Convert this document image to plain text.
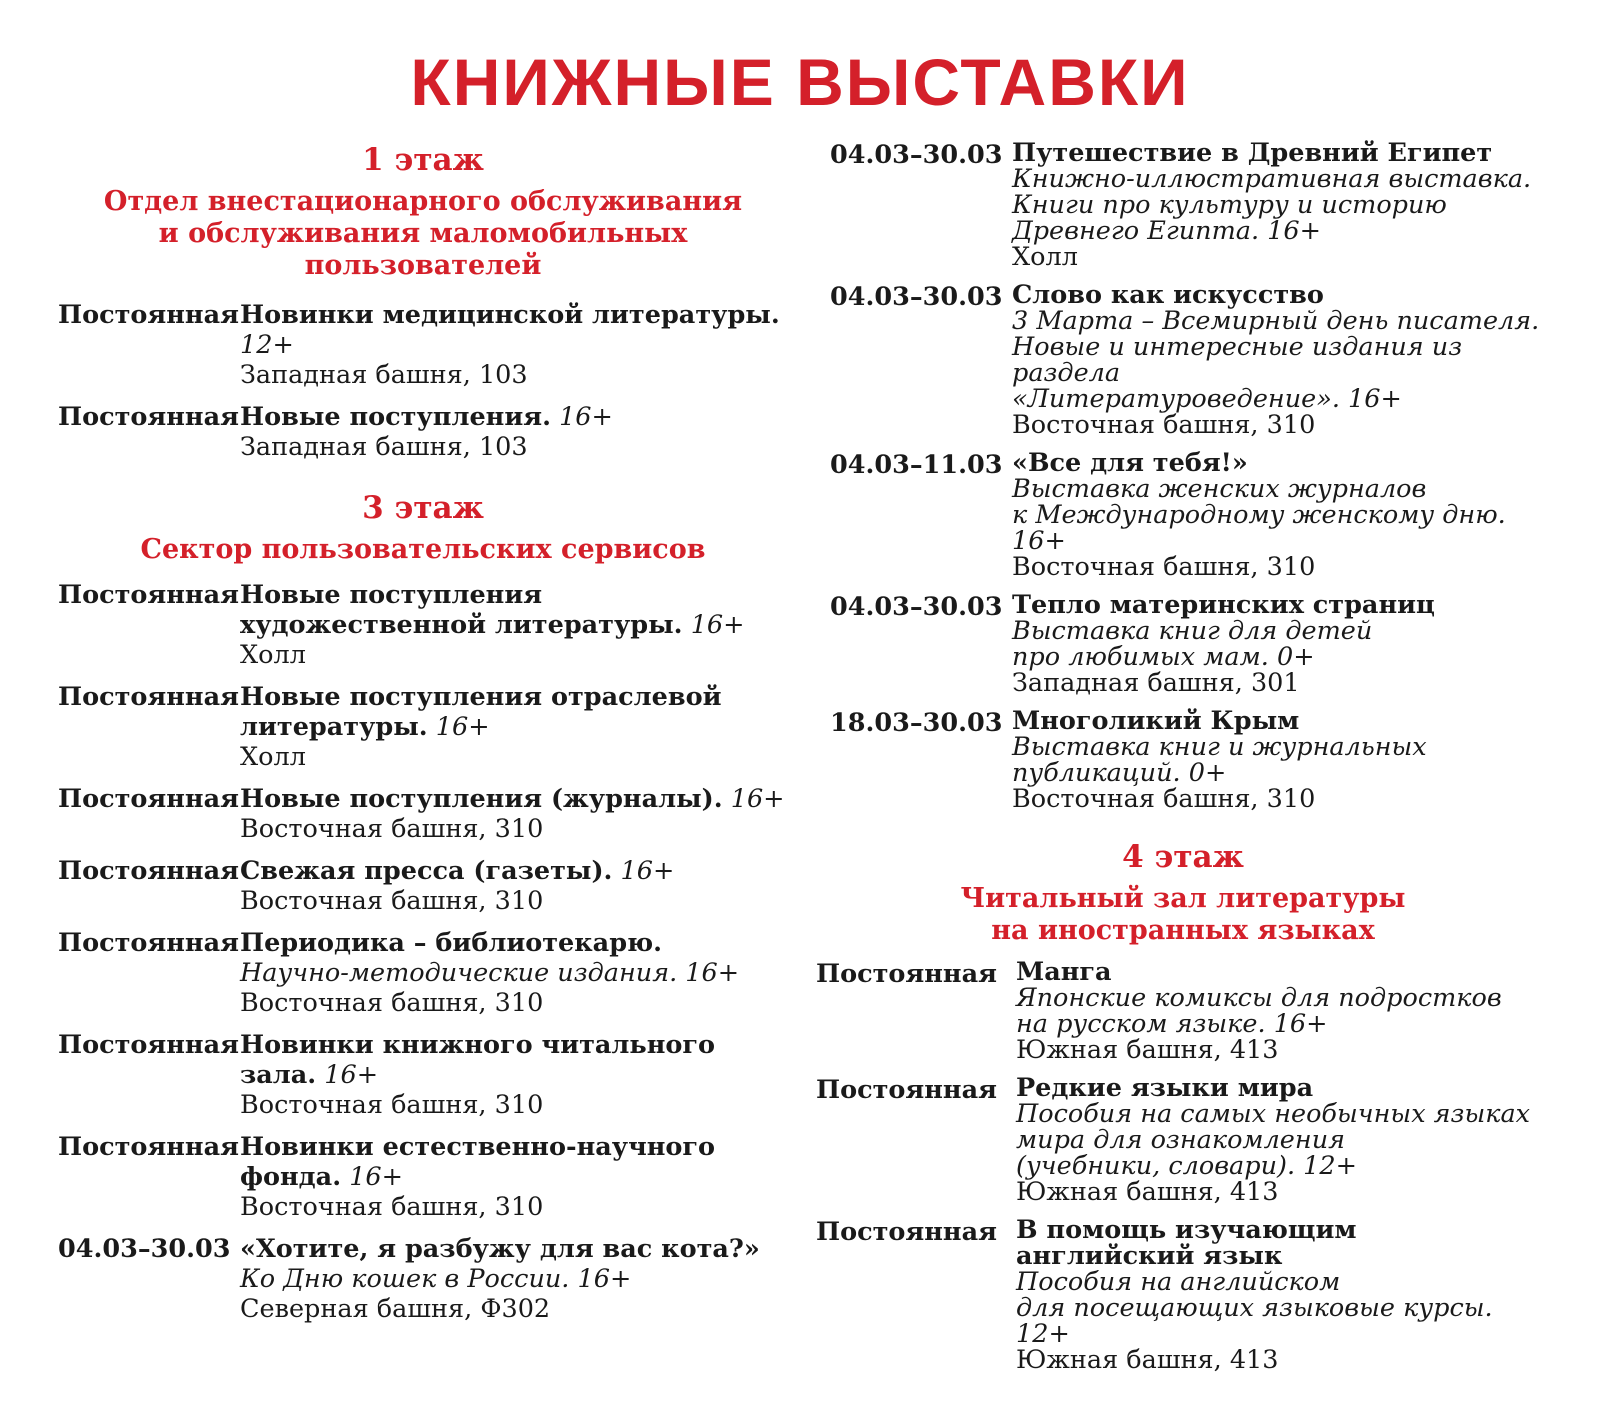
КНИЖНЫЕ ВЫСТАВКИ
1 этаж
Отдел внестационарного обслуживания
и обслуживания маломобильных
пользователей
Постоянная Новинки медицинской литературы.
12+
Западная башня, 103
Постоянная Новые поступления. 16+
Западная башня, 103
3 этаж
Сектор пользовательских сервисов
Постоянная Новые поступления
художественной литературы. 16+
Холл
Постоянная Новые поступления отраслевой
литературы. 16+
Холл
Постоянная Новые поступления (журналы). 16+
Восточная башня, 310
Постоянная Свежая пресса (газеты). 16+
Восточная башня, 310
Постоянная Периодика – библиотекарю.
Научно-методические издания. 16+
Восточная башня, 310
Постоянная Новинки книжного читального
зала. 16+
Восточная башня, 310
Постоянная Новинки естественно-научного
фонда. 16+
Восточная башня, 310
04.03–30.03 «Хотите, я разбужу для вас кота?»
Ко Дню кошек в России. 16+
Северная башня, Ф302
04.03–30.03 Путешествие в Древний Египет
Книжно-иллюстративная выставка.
Книги про культуру и историю
Древнего Египта. 16+
Холл
04.03–30.03 Слово как искусство
3 Марта – Всемирный день писателя.
Новые и интересные издания из раздела
«Литературоведение». 16+
Восточная башня, 310
04.03–11.03 «Все для тебя!»
Выставка женских журналов
к Международному женскому дню. 16+
Восточная башня, 310
04.03–30.03 Тепло материнских страниц
Выставка книг для детей
про любимых мам. 0+
Западная башня, 301
18.03–30.03 Многоликий Крым
Выставка книг и журнальных
публикаций. 0+
Восточная башня, 310
4 этаж
Читальный зал литературы
на иностранных языках
Постоянная Манга
Японские комиксы для подростков
на русском языке. 16+
Южная башня, 413
Постоянная Редкие языки мира
Пособия на самых необычных языках
мира для ознакомления
(учебники, словари). 12+
Южная башня, 413
Постоянная В помощь изучающим
английский язык
Пособия на английском
для посещающих языковые курсы.
12+
Южная башня, 413
